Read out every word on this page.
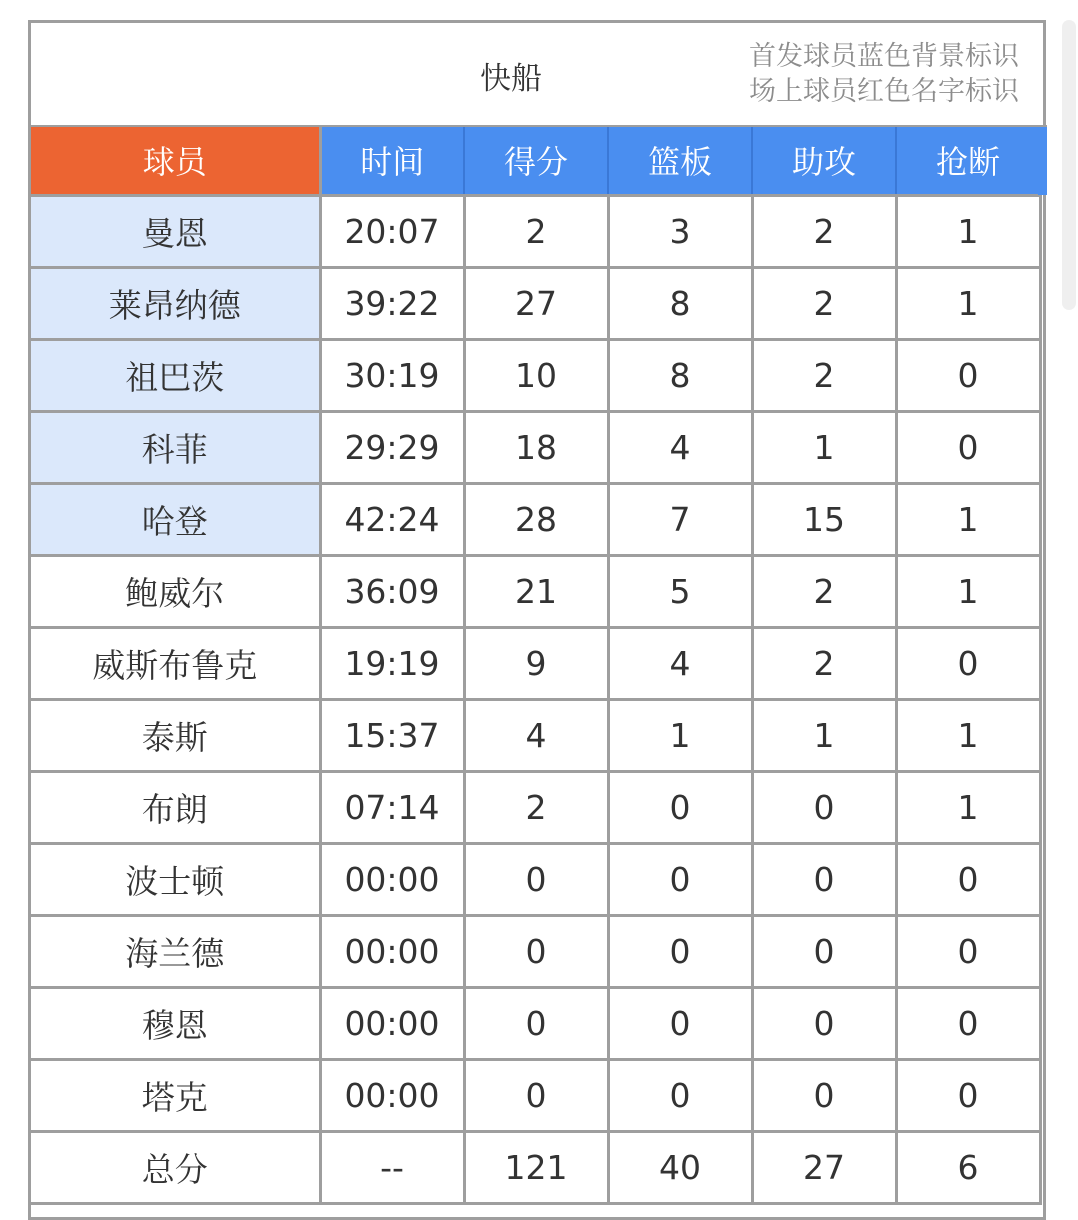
快船
首发球员蓝色背景标识
场上球员红色名字标识
球员	时间	得分	篮板	助攻	抢断
曼恩	20:07	2	3	2	1
莱昂纳德	39:22	27	8	2	1
祖巴茨	30:19	10	8	2	0
科菲	29:29	18	4	1	0
哈登	42:24	28	7	15	1
鲍威尔	36:09	21	5	2	1
威斯布鲁克	19:19	9	4	2	0
泰斯	15:37	4	1	1	1
布朗	07:14	2	0	0	1
波士顿	00:00	0	0	0	0
海兰德	00:00	0	0	0	0
穆恩	00:00	0	0	0	0
塔克	00:00	0	0	0	0
总分	--	121	40	27	6
